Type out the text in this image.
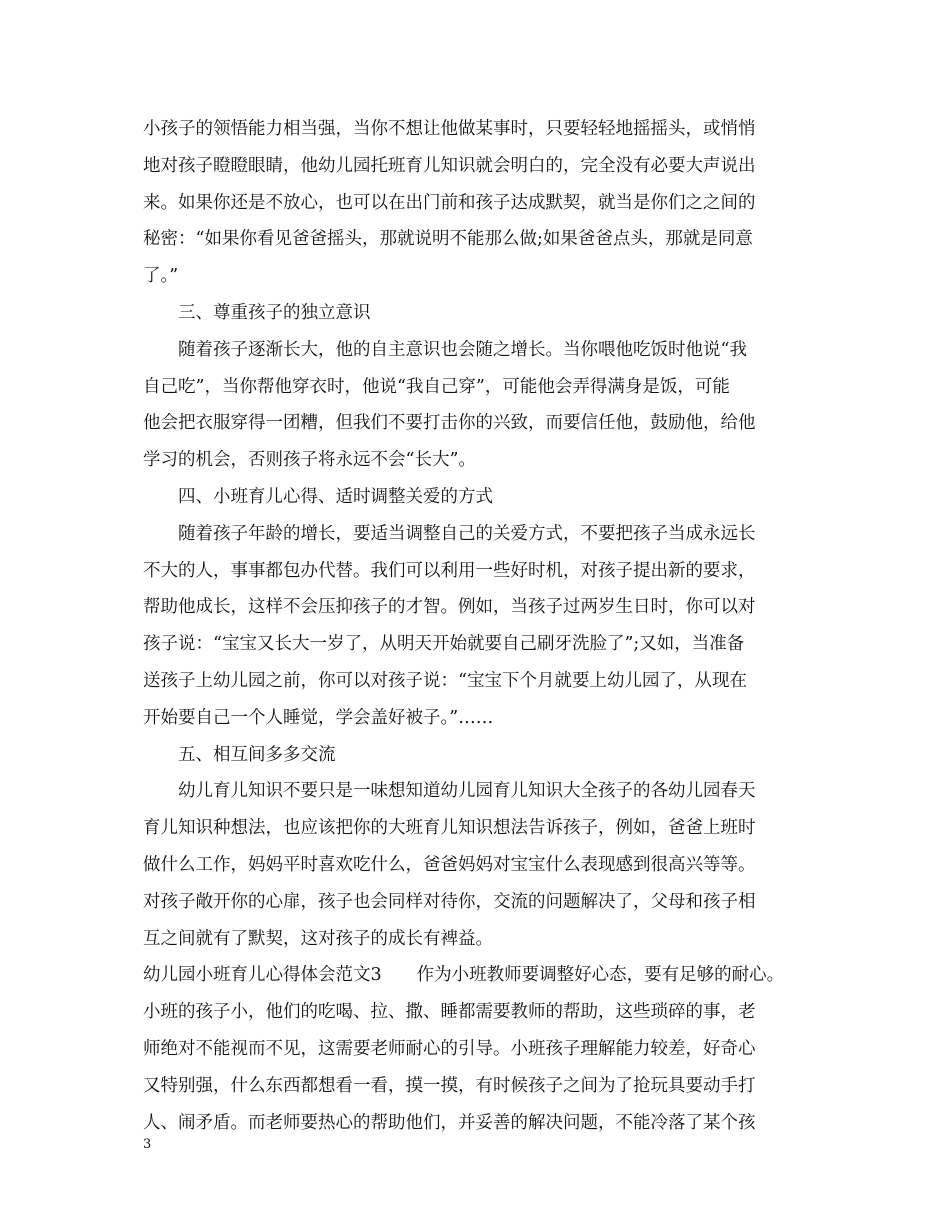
小孩子的领悟能力相当强，当你不想让他做某事时，只要轻轻地摇摇头，或悄悄
地对孩子瞪瞪眼睛，他幼儿园托班育儿知识就会明白的，完全没有必要大声说出
来。如果你还是不放心，也可以在出门前和孩子达成默契，就当是你们之之间的
秘密：“如果你看见爸爸摇头，那就说明不能那么做;如果爸爸点头，那就是同意
了。”
三、尊重孩子的独立意识
随着孩子逐渐长大，他的自主意识也会随之增长。当你喂他吃饭时他说“我
自己吃”，当你帮他穿衣时，他说“我自己穿”，可能他会弄得满身是饭，可能
他会把衣服穿得一团糟，但我们不要打击你的兴致，而要信任他，鼓励他，给他
学习的机会，否则孩子将永远不会“长大”。
四、小班育儿心得、适时调整关爱的方式
随着孩子年龄的增长，要适当调整自己的关爱方式，不要把孩子当成永远长
不大的人，事事都包办代替。我们可以利用一些好时机，对孩子提出新的要求，
帮助他成长，这样不会压抑孩子的才智。例如，当孩子过两岁生日时，你可以对
孩子说：“宝宝又长大一岁了，从明天开始就要自己刷牙洗脸了”;又如，当准备
送孩子上幼儿园之前，你可以对孩子说：“宝宝下个月就要上幼儿园了，从现在
开始要自己一个人睡觉，学会盖好被子。”……
五、相互间多多交流
幼儿育儿知识不要只是一味想知道幼儿园育儿知识大全孩子的各幼儿园春天
育儿知识种想法，也应该把你的大班育儿知识想法告诉孩子，例如，爸爸上班时
做什么工作，妈妈平时喜欢吃什么，爸爸妈妈对宝宝什么表现感到很高兴等等。
对孩子敞开你的心扉，孩子也会同样对待你，交流的问题解决了，父母和孩子相
互之间就有了默契，这对孩子的成长有裨益。
幼儿园小班育儿心得体会范文3　　作为小班教师要调整好心态，要有足够的耐心。
小班的孩子小，他们的吃喝、拉、撒、睡都需要教师的帮助，这些琐碎的事，老
师绝对不能视而不见，这需要老师耐心的引导。小班孩子理解能力较差，好奇心
又特别强，什么东西都想看一看，摸一摸，有时候孩子之间为了抢玩具要动手打
人、闹矛盾。而老师要热心的帮助他们，并妥善的解决问题，不能冷落了某个孩
3
